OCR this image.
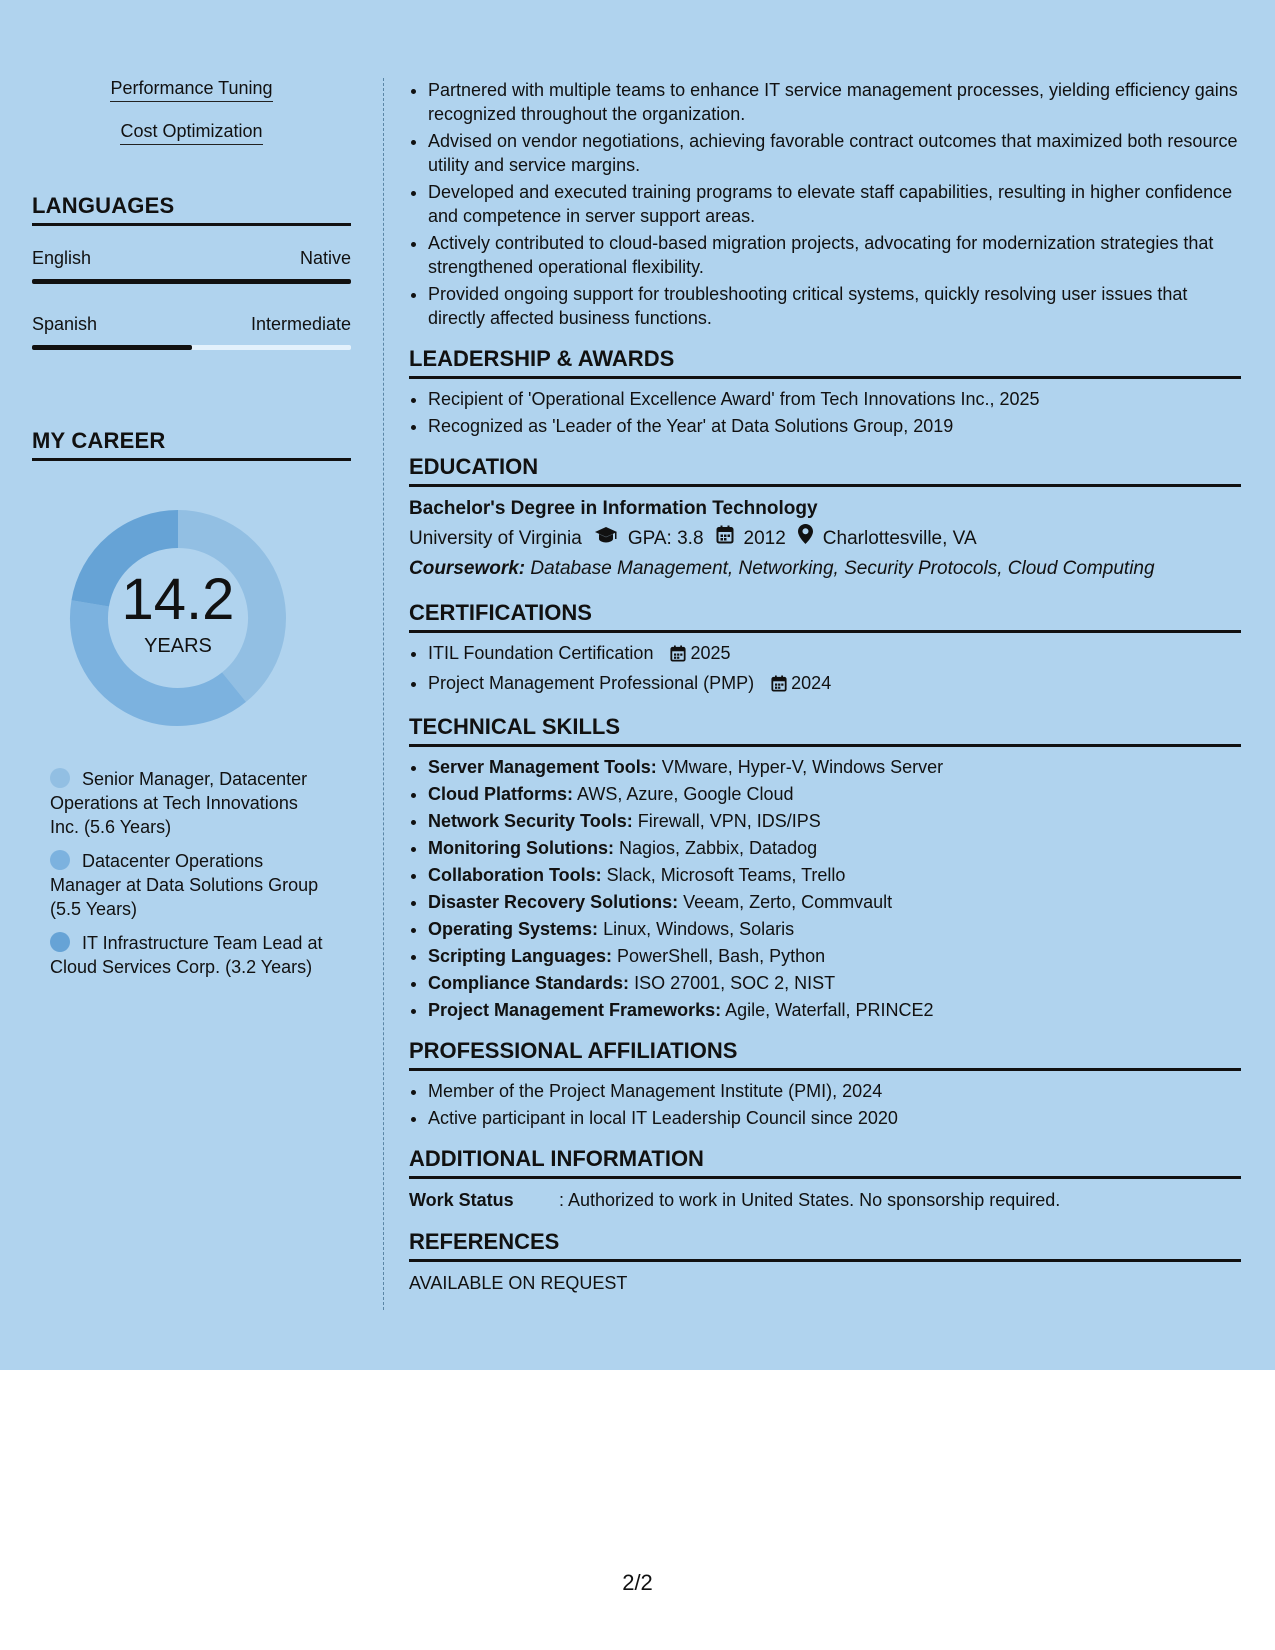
Performance Tuning
Cost Optimization
LANGUAGES
English	Native
Spanish	Intermediate
MY CAREER
14.2
YEARS
Senior Manager, Datacenter Operations at Tech Innovations Inc. (5.6 Years)
Datacenter Operations Manager at Data Solutions Group (5.5 Years)
IT Infrastructure Team Lead at Cloud Services Corp. (3.2 Years)
• Partnered with multiple teams to enhance IT service management processes, yielding efficiency gains recognized throughout the organization.
• Advised on vendor negotiations, achieving favorable contract outcomes that maximized both resource utility and service margins.
• Developed and executed training programs to elevate staff capabilities, resulting in higher confidence and competence in server support areas.
• Actively contributed to cloud-based migration projects, advocating for modernization strategies that strengthened operational flexibility.
• Provided ongoing support for troubleshooting critical systems, quickly resolving user issues that directly affected business functions.
LEADERSHIP & AWARDS
• Recipient of 'Operational Excellence Award' from Tech Innovations Inc., 2025
• Recognized as 'Leader of the Year' at Data Solutions Group, 2019
EDUCATION
Bachelor's Degree in Information Technology
University of Virginia GPA: 3.8 2012 Charlottesville, VA
Coursework: Database Management, Networking, Security Protocols, Cloud Computing
CERTIFICATIONS
• ITIL Foundation Certification 2025
• Project Management Professional (PMP) 2024
TECHNICAL SKILLS
• Server Management Tools: VMware, Hyper-V, Windows Server
• Cloud Platforms: AWS, Azure, Google Cloud
• Network Security Tools: Firewall, VPN, IDS/IPS
• Monitoring Solutions: Nagios, Zabbix, Datadog
• Collaboration Tools: Slack, Microsoft Teams, Trello
• Disaster Recovery Solutions: Veeam, Zerto, Commvault
• Operating Systems: Linux, Windows, Solaris
• Scripting Languages: PowerShell, Bash, Python
• Compliance Standards: ISO 27001, SOC 2, NIST
• Project Management Frameworks: Agile, Waterfall, PRINCE2
PROFESSIONAL AFFILIATIONS
• Member of the Project Management Institute (PMI), 2024
• Active participant in local IT Leadership Council since 2020
ADDITIONAL INFORMATION
Work Status	: Authorized to work in United States. No sponsorship required.
REFERENCES
AVAILABLE ON REQUEST
2/2
